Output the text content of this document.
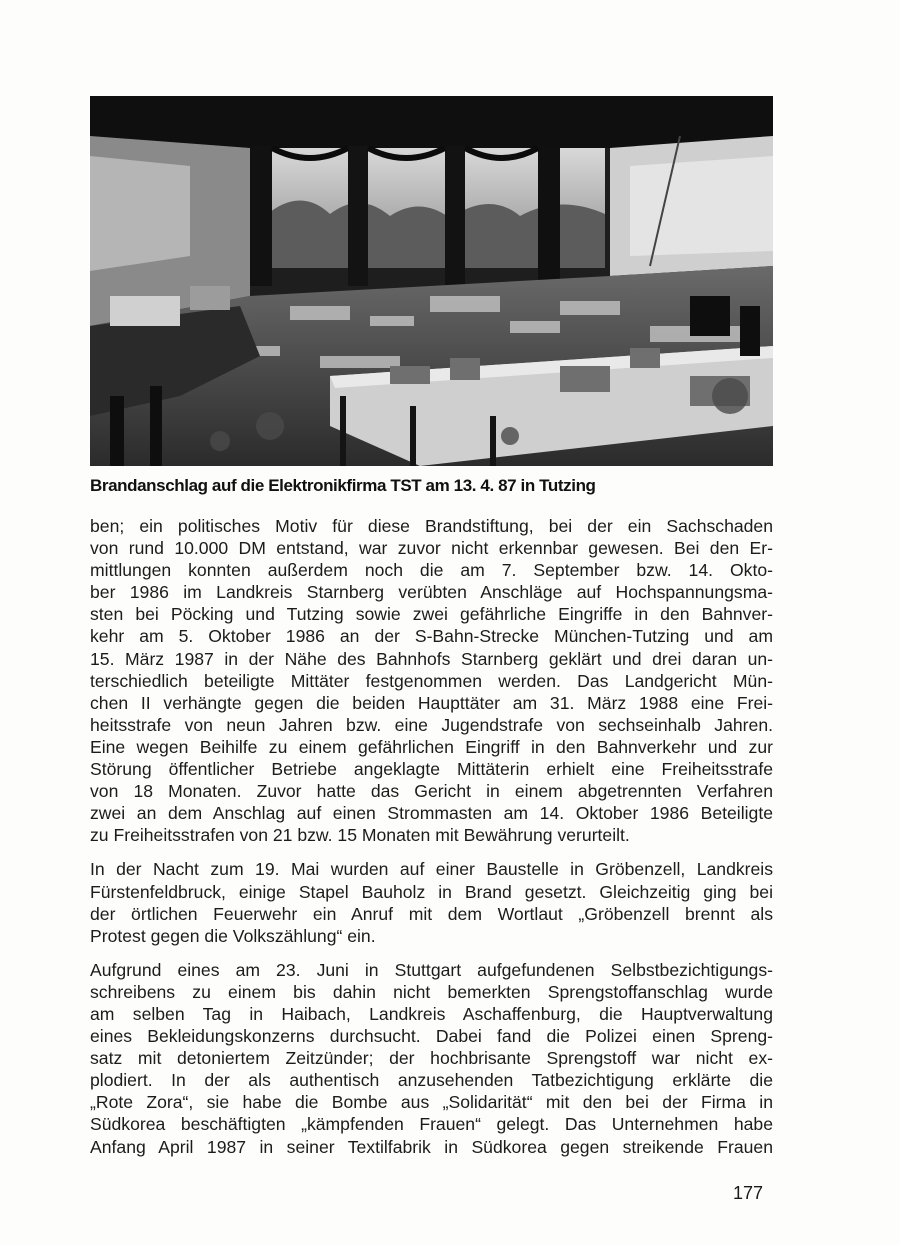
Brandanschlag auf die Elektronikfirma TST am 13. 4. 87 in Tutzing
ben; ein politisches Motiv für diese Brandstiftung, bei der ein Sachschaden
von rund 10.000 DM entstand, war zuvor nicht erkennbar gewesen. Bei den Er-
mittlungen konnten außerdem noch die am 7. September bzw. 14. Okto-
ber 1986 im Landkreis Starnberg verübten Anschläge auf Hochspannungsma-
sten bei Pöcking und Tutzing sowie zwei gefährliche Eingriffe in den Bahnver-
kehr am 5. Oktober 1986 an der S-Bahn-Strecke München-Tutzing und am
15. März 1987 in der Nähe des Bahnhofs Starnberg geklärt und drei daran un-
terschiedlich beteiligte Mittäter festgenommen werden. Das Landgericht Mün-
chen II verhängte gegen die beiden Haupttäter am 31. März 1988 eine Frei-
heitsstrafe von neun Jahren bzw. eine Jugendstrafe von sechseinhalb Jahren.
Eine wegen Beihilfe zu einem gefährlichen Eingriff in den Bahnverkehr und zur
Störung öffentlicher Betriebe angeklagte Mittäterin erhielt eine Freiheitsstrafe
von 18 Monaten. Zuvor hatte das Gericht in einem abgetrennten Verfahren
zwei an dem Anschlag auf einen Strommasten am 14. Oktober 1986 Beteiligte
zu Freiheitsstrafen von 21 bzw. 15 Monaten mit Bewährung verurteilt.
In der Nacht zum 19. Mai wurden auf einer Baustelle in Gröbenzell, Landkreis
Fürstenfeldbruck, einige Stapel Bauholz in Brand gesetzt. Gleichzeitig ging bei
der örtlichen Feuerwehr ein Anruf mit dem Wortlaut „Gröbenzell brennt als
Protest gegen die Volkszählung“ ein.
Aufgrund eines am 23. Juni in Stuttgart aufgefundenen Selbstbezichtigungs-
schreibens zu einem bis dahin nicht bemerkten Sprengstoffanschlag wurde
am selben Tag in Haibach, Landkreis Aschaffenburg, die Hauptverwaltung
eines Bekleidungskonzerns durchsucht. Dabei fand die Polizei einen Spreng-
satz mit detoniertem Zeitzünder; der hochbrisante Sprengstoff war nicht ex-
plodiert. In der als authentisch anzusehenden Tatbezichtigung erklärte die
„Rote Zora“, sie habe die Bombe aus „Solidarität“ mit den bei der Firma in
Südkorea beschäftigten „kämpfenden Frauen“ gelegt. Das Unternehmen habe
Anfang April 1987 in seiner Textilfabrik in Südkorea gegen streikende Frauen
177
